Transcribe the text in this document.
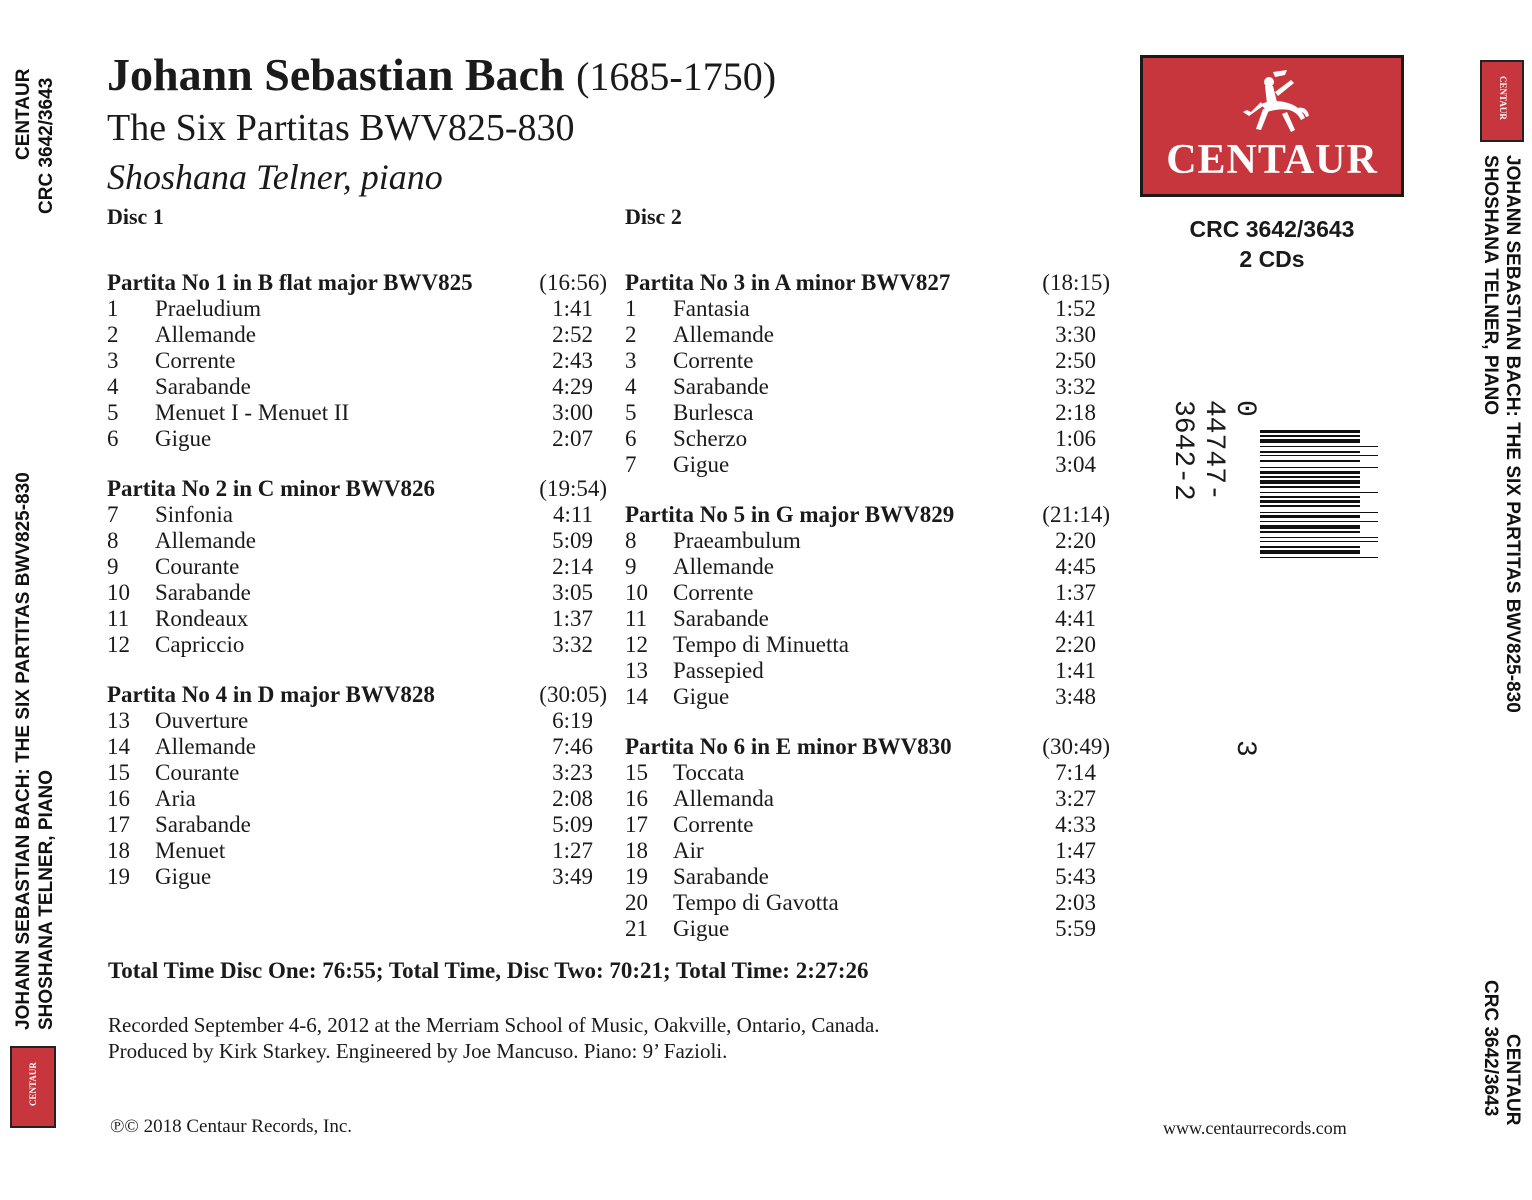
CENTAUR CRC 3642/3643
JOHANN SEBASTIAN BACH: THE SIX PARTITAS BWV825-830 SHOSHANA TELNER, PIANO
CENTAUR
CENTAUR
JOHANN SEBASTIAN BACH: THE SIX PARTITAS BWV825-830
SHOSHANA TELNER, PIANO
CENTAUR
CRC 3642/3643
Johann Sebastian Bach (1685-1750)
The Six Partitas BWV825-830
Shoshana Telner, piano
Disc 1
Partita No 1 in B flat major BWV825	(16:56)
1	Praeludium	1:41
2	Allemande	2:52
3	Corrente	2:43
4	Sarabande	4:29
5	Menuet I - Menuet II	3:00
6	Gigue	2:07
Partita No 2 in C minor BWV826	(19:54)
7	Sinfonia	4:11
8	Allemande	5:09
9	Courante	2:14
10	Sarabande	3:05
11	Rondeaux	1:37
12	Capriccio	3:32
Partita No 4 in D major BWV828	(30:05)
13	Ouverture	6:19
14	Allemande	7:46
15	Courante	3:23
16	Aria	2:08
17	Sarabande	5:09
18	Menuet	1:27
19	Gigue	3:49
Disc 2
Partita No 3 in A minor BWV827	(18:15)
1	Fantasia	1:52
2	Allemande	3:30
3	Corrente	2:50
4	Sarabande	3:32
5	Burlesca	2:18
6	Scherzo	1:06
7	Gigue	3:04
Partita No 5 in G major BWV829	(21:14)
8	Praeambulum	2:20
9	Allemande	4:45
10	Corrente	1:37
11	Sarabande	4:41
12	Tempo di Minuetta	2:20
13	Passepied	1:41
14	Gigue	3:48
Partita No 6 in E minor BWV830	(30:49)
15	Toccata	7:14
16	Allemanda	3:27
17	Corrente	4:33
18	Air	1:47
19	Sarabande	5:43
20	Tempo di Gavotta	2:03
21	Gigue	5:59
CENTAUR
CRC 3642/3643
2 CDs
0 44747-3642-2
3
Total Time Disc One: 76:55; Total Time, Disc Two: 70:21; Total Time: 2:27:26
Recorded September 4-6, 2012 at the Merriam School of Music, Oakville, Ontario, Canada.
Produced by Kirk Starkey. Engineered by Joe Mancuso. Piano: 9’ Fazioli.
℗© 2018 Centaur Records, Inc.	www.centaurrecords.com
